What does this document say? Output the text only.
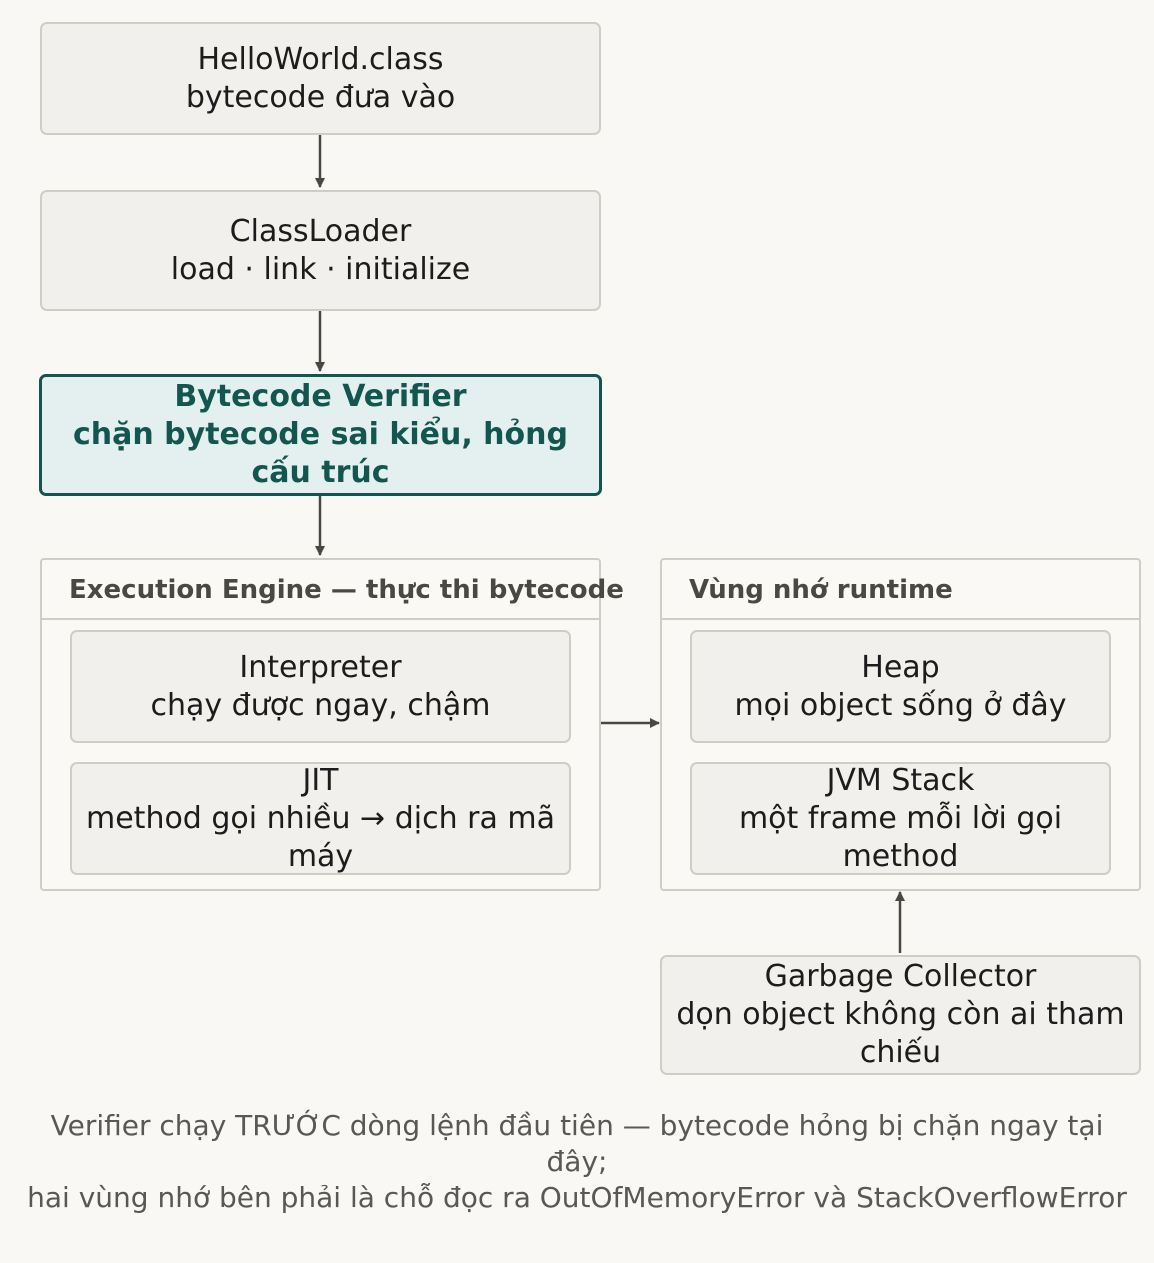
HelloWorld.class
bytecode đưa vào
ClassLoader
load · link · initialize
Bytecode Verifier
chặn bytecode sai kiểu, hỏng cấu trúc
Execution Engine — thực thi bytecode
Interpreter
chạy được ngay, chậm
JIT
method gọi nhiều → dịch ra mã máy
Vùng nhớ runtime
Heap
mọi object sống ở đây
JVM Stack
một frame mỗi lời gọi method
Garbage Collector
dọn object không còn ai tham chiếu
Verifier chạy TRƯỚC dòng lệnh đầu tiên — bytecode hỏng bị chặn ngay tại đây;
hai vùng nhớ bên phải là chỗ đọc ra OutOfMemoryError và StackOverflowError
